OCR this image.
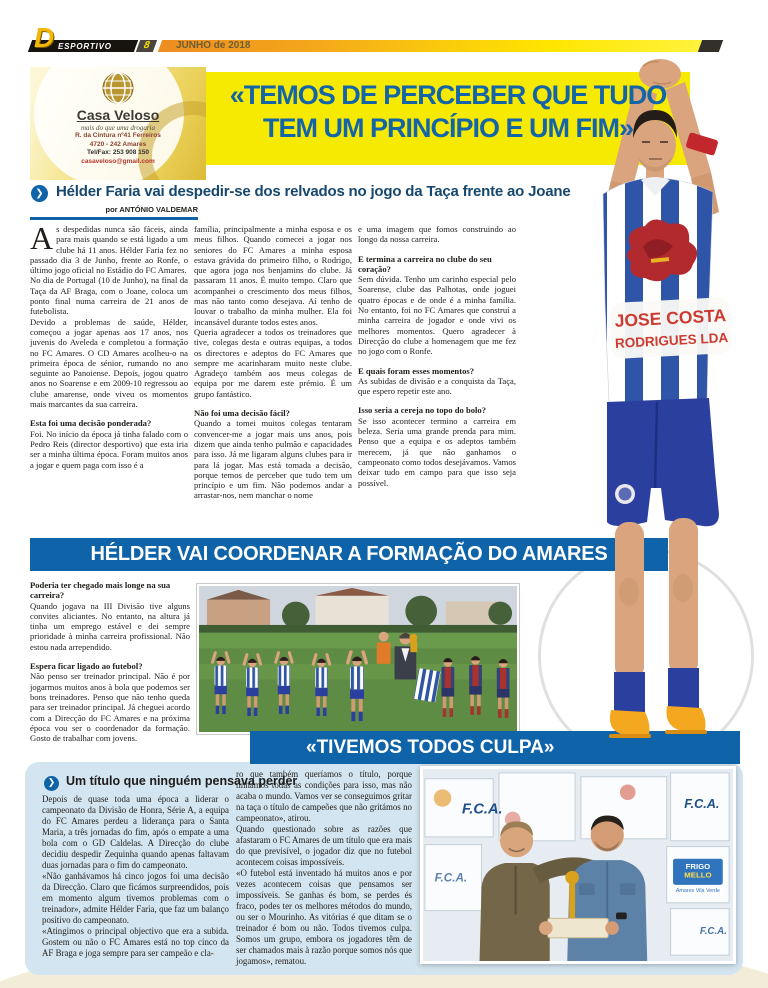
D ESPORTIVO	8	JUNHO de 2018
Casa Veloso
mais do que uma drogaria
R. da Cintura nº41 Ferreiros
4720 - 242 Amares
Tel/Fax: 253 908 150
casaveloso@gmail.com
«TEMOS DE PERCEBER QUE TUDO
TEM UM PRINCÍPIO E UM FIM»
❯ Hélder Faria vai despedir-se dos relvados no jogo da Taça frente ao Joane
por ANTÓNIO VALDEMAR

As despedidas nunca são fáceis, ainda para mais quando se está ligado a um clube há 11 anos. Hélder Faria fez no passado dia 3 de Junho, frente ao Ronfe, o último jogo oficial no Estádio do FC Amares.

No dia de Portugal (10 de Junho), na final da Taça da AF Braga, com o Joane, coloca um ponto final numa carreira de 21 anos de futebolista.

Devido a problemas de saúde, Hélder, começou a jogar apenas aos 17 anos, nos juvenis do Aveleda e completou a formação no FC Amares. O CD Amares acolheu-o na primeira época de sénior, rumando no ano seguinte ao Panoiense. Depois, jogou quatro anos no Soarense e em 2009-10 regressou ao clube amarense, onde viveu os momentos mais marcantes da sua carreira.

Esta foi uma decisão ponderada?

Foi. No início da época já tinha falado com o Pedro Reis (director desportivo) que esta iria ser a minha última época. Foram muitos anos a jogar e quem paga com isso é a

família, principalmente a minha esposa e os meus filhos. Quando comecei a jogar nos seniores do FC Amares a minha esposa estava grávida do primeiro filho, o Rodrigo, que agora joga nos benjamins do clube. Já passaram 11 anos. É muito tempo. Claro que acompanhei o crescimento dos meus filhos, mas não tanto como desejava. Aí tenho de louvar o trabalho da minha mulher. Ela foi incansável durante todos estes anos.

Queria agradecer a todos os treinadores que tive, colegas desta e outras equipas, a todos os directores e adeptos do FC Amares que sempre me acarinharam muito neste clube. Agradeço também aos meus colegas de equipa por me darem este prémio. É um grupo fantástico.

Não foi uma decisão fácil?

Quando a tomei muitos colegas tentaram convencer-me a jogar mais uns anos, pois dizem que ainda tenho pulmão e capacidades para isso. Já me ligaram alguns clubes para ir para lá jogar. Mas está tomada a decisão, porque temos de perceber que tudo tem um princípio e um fim. Não podemos andar a arrastar-nos, nem manchar o nome

e uma imagem que fomos construindo ao longo da nossa carreira.

E termina a carreira no clube do seu coração?

Sem dúvida. Tenho um carinho especial pelo Soarense, clube das Palhotas, onde joguei quatro épocas e de onde é a minha família. No entanto, foi no FC Amares que construí a minha carreira de jogador e onde vivi os melhores momentos. Quero agradecer à Direcção do clube a homenagem que me fez no jogo com o Ronfe.

E quais foram esses momentos?

As subidas de divisão e a conquista da Taça, que espero repetir este ano.

Isso seria a cereja no topo do bolo?

Se isso acontecer termino a carreira em beleza. Seria uma grande prenda para mim. Penso que a equipa e os adeptos também merecem, já que não ganhamos o campeonato como todos desejávamos. Vamos deixar tudo em campo para que isso seja possível.

HÉLDER VAI COORDENAR A FORMAÇÃO DO AMARES

Poderia ter chegado mais longe na sua carreira?

Quando jogava na III Divisão tive alguns convites aliciantes. No entanto, na altura já tinha um emprego estável e dei sempre prioridade à minha carreira profissional. Não estou nada arrependido.

Espera ficar ligado ao futebol?

Não penso ser treinador principal. Não é por jogarmos muitos anos à bola que podemos ser bons treinadores. Penso que não tenho queda para ser treinador principal. Já cheguei acordo com a Direcção do FC Amares e na próxima época vou ser o coordenador da formação. Gosto de trabalhar com jovens.	«TIVEMOS TODOS CULPA»
❯ Um título que ninguém pensava perder

Depois de quase toda uma época a liderar o campeonato da Divisão de Honra, Série A, a equipa do FC Amares perdeu a liderança para o Santa Maria, a três jornadas do fim, após o empate a uma bola com o GD Caldelas. A Direcção do clube decidiu despedir Zequinha quando apenas faltavam duas jornadas para o fim do campeonato.

«Não ganhávamos há cinco jogos foi uma decisão da Direcção. Claro que ficámos surpreendidos, pois em momento algum tivemos problemas com o treinador», admite Hélder Faria, que faz um balanço positivo do campeonato.

«Atingimos o principal objectivo que era a subida. Gostem ou não o FC Amares está no top cinco da AF Braga e joga sempre para ser campeão e cla-

ro que também queríamos o título, porque tínhamos todas as condições para isso, mas não acaba o mundo. Vamos ver se conseguimos gritar na taça o título de campeões que não gritámos no campeonato», atirou.

Quando questionado sobre as razões que afastaram o FC Amares de um título que era mais do que previsível, o jogador diz que no futebol acontecem coisas impossíveis.

«O futebol está inventado há muitos anos e por vezes acontecem coisas que pensamos ser impossíveis. Se ganhas és bom, se perdes és fraco, podes ter os melhores métodos do mundo, ou ser o Mourinho. As vitórias é que ditam se o treinador é bom ou não. Todos tivemos culpa. Somos um grupo, embora os jogadores têm de ser chamados mais à razão porque somos nós que jogamos», rematou.

F.C.A.	F.C.A.
F.C.A.
F.C.A.
FRIGO
MELLO
Amares Vila Verde
JOSE COSTA
RODRIGUES LDA
